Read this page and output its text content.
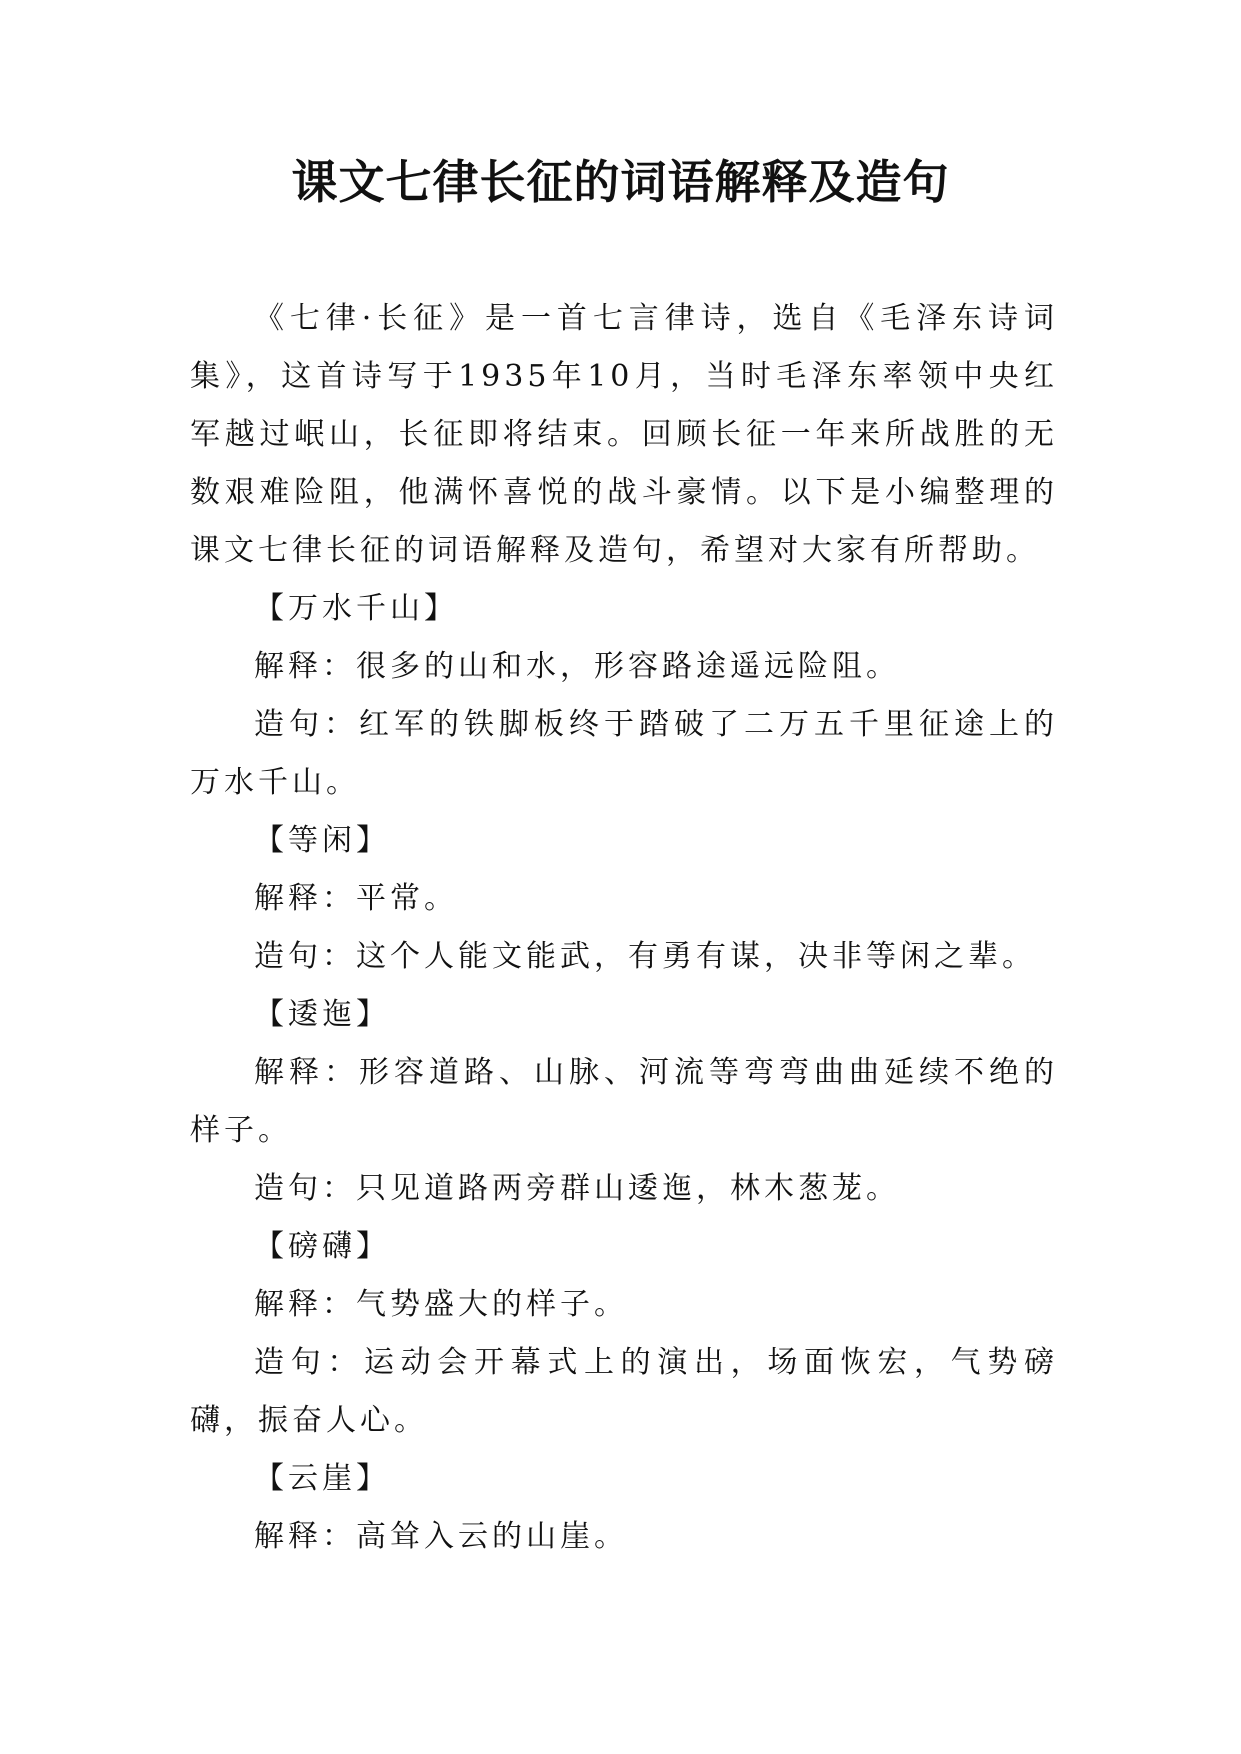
课文七律长征的词语解释及造句

《七律·长征》是一首七言律诗，选自《毛泽东诗词集》，这首诗写于1935年10月，当时毛泽东率领中央红军越过岷山，长征即将结束。回顾长征一年来所战胜的无数艰难险阻，他满怀喜悦的战斗豪情。以下是小编整理的课文七律长征的词语解释及造句，希望对大家有所帮助。

【万水千山】

解释：很多的山和水，形容路途遥远险阻。

造句：红军的铁脚板终于踏破了二万五千里征途上的万水千山。

【等闲】

解释：平常。

造句：这个人能文能武，有勇有谋，决非等闲之辈。

【逶迤】

解释：形容道路、山脉、河流等弯弯曲曲延续不绝的样子。

造句：只见道路两旁群山逶迤，林木葱茏。

【磅礴】

解释：气势盛大的样子。

造句：运动会开幕式上的演出，场面恢宏，气势磅礴，振奋人心。

【云崖】

解释：高耸入云的山崖。
